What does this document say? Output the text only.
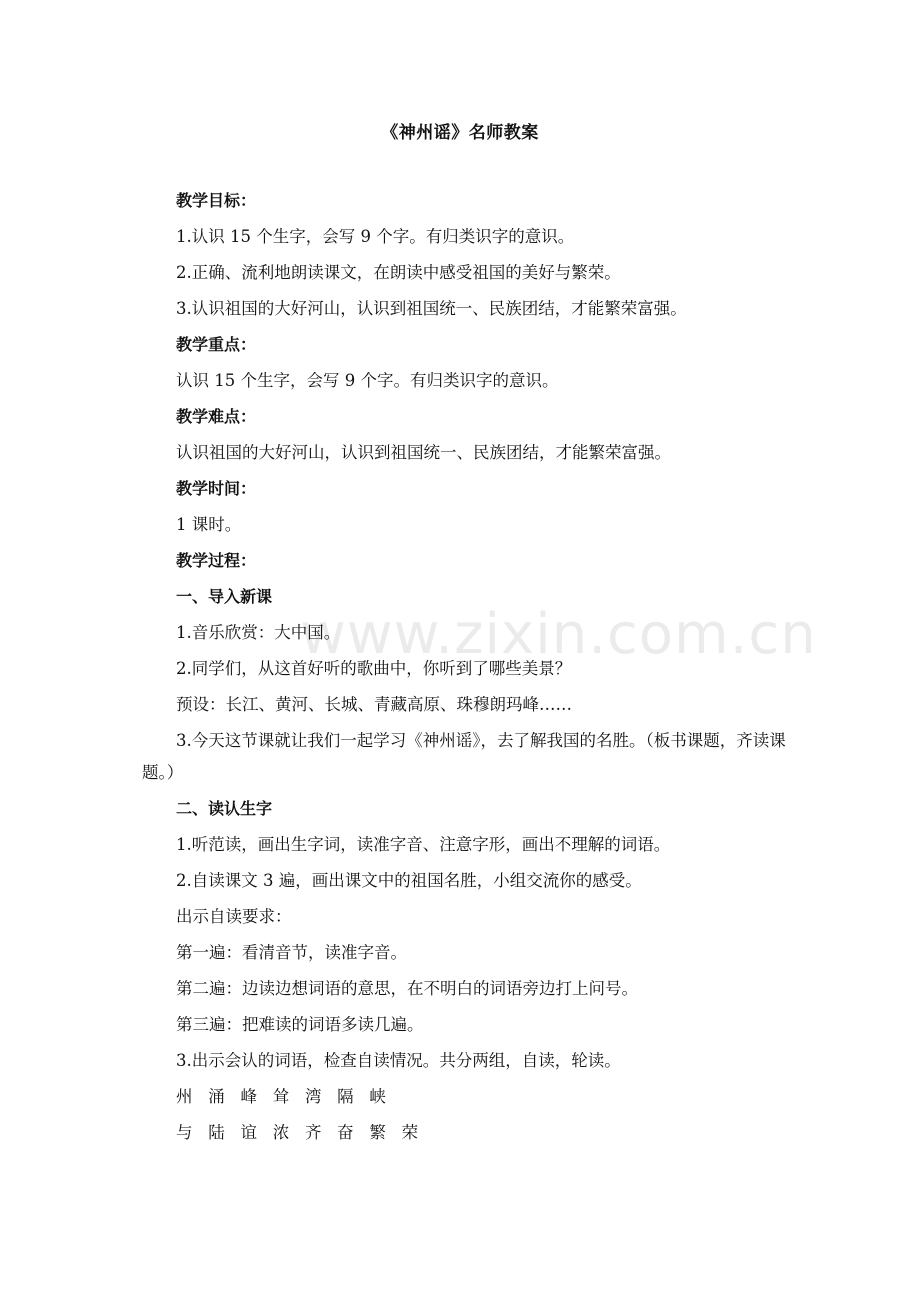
《神州谣》名师教案
www.zixin.com.cn

教学目标：

1.认识 15 个生字，会写 9 个字。有归类识字的意识。

2.正确、流利地朗读课文，在朗读中感受祖国的美好与繁荣。

3.认识祖国的大好河山，认识到祖国统一、民族团结，才能繁荣富强。

教学重点：

认识 15 个生字，会写 9 个字。有归类识字的意识。

教学难点：

认识祖国的大好河山，认识到祖国统一、民族团结，才能繁荣富强。

教学时间：

1 课时。

教学过程：

一、导入新课

1.音乐欣赏：大中国。

2.同学们，从这首好听的歌曲中，你听到了哪些美景？

预设：长江、黄河、长城、青藏高原、珠穆朗玛峰……

3.今天这节课就让我们一起学习《神州谣》，去了解我国的名胜。（板书课题，齐读课题。）

二、读认生字

1.听范读，画出生字词，读准字音、注意字形，画出不理解的词语。

2.自读课文 3 遍，画出课文中的祖国名胜，小组交流你的感受。

出示自读要求：

第一遍：看清音节，读准字音。

第二遍：边读边想词语的意思，在不明白的词语旁边打上问号。

第三遍：把难读的词语多读几遍。

3.出示会认的词语，检查自读情况。共分两组，自读，轮读。

州   涌   峰   耸   湾   隔   峡

与   陆   谊   浓   齐   奋   繁   荣
